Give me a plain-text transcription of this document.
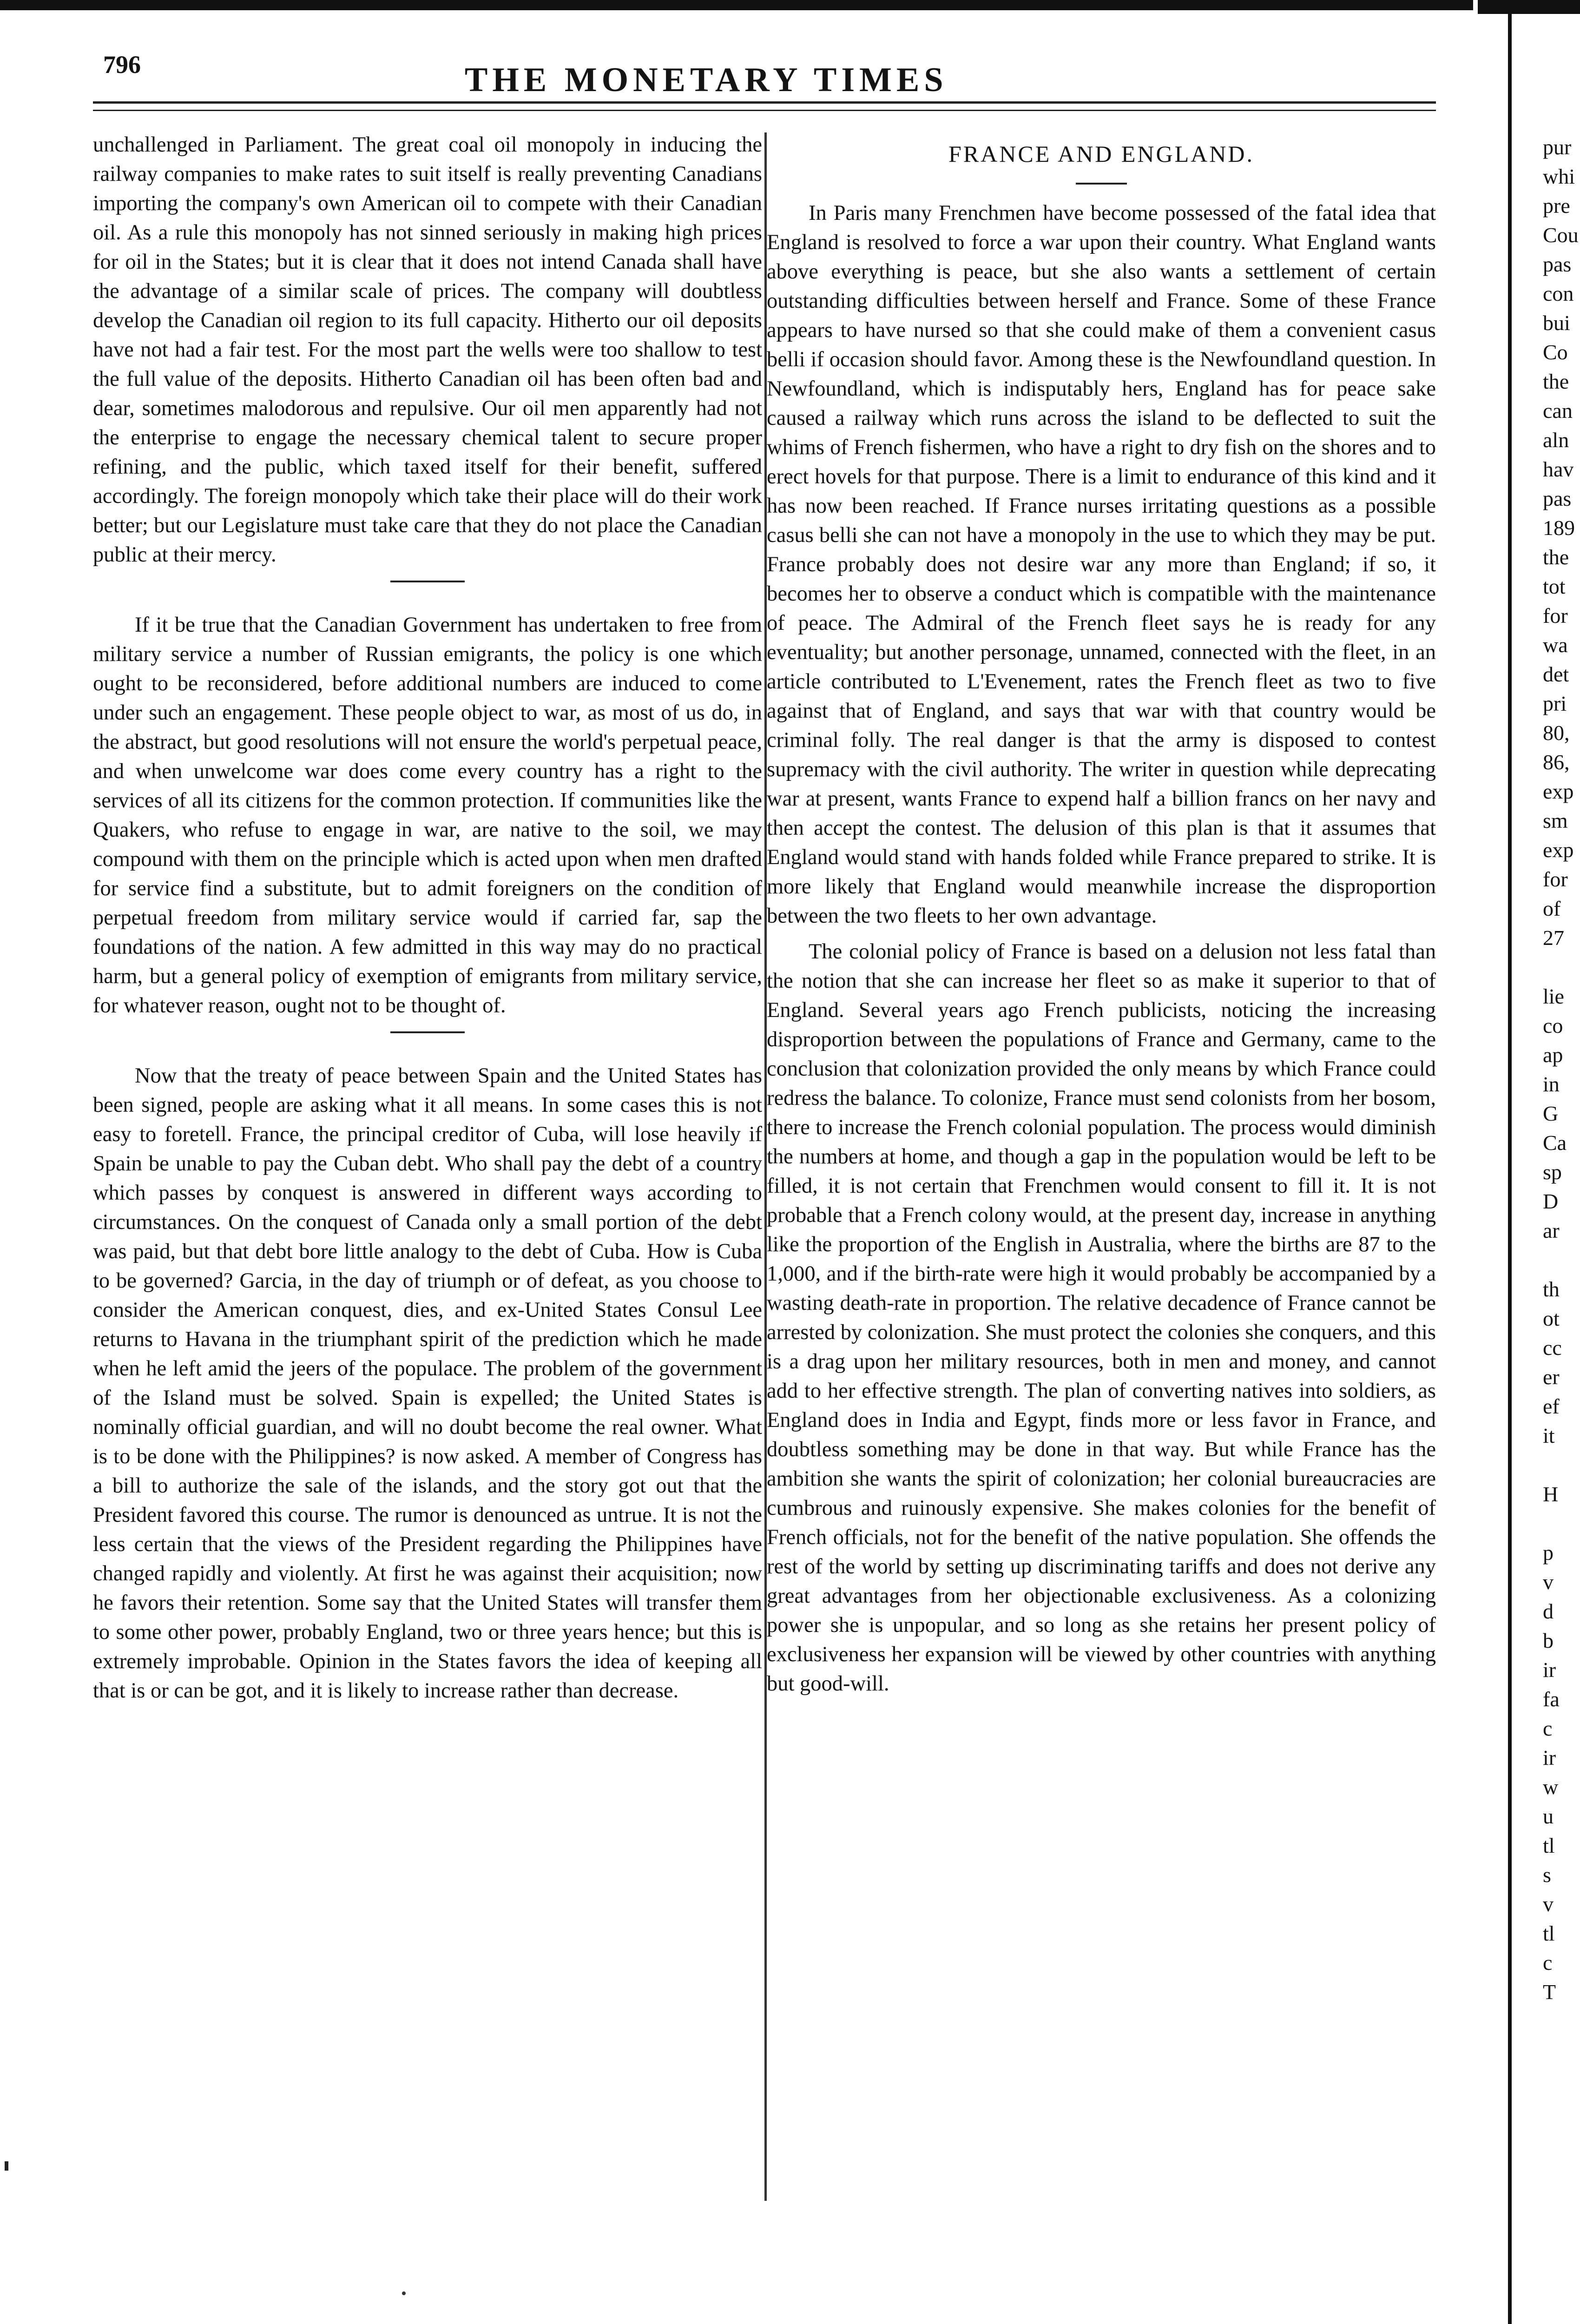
796	THE MONETARY TIMES

unchallenged in Parliament. The great coal oil monopoly in inducing the railway companies to make rates to suit itself is really preventing Canadians importing the company's own American oil to compete with their Canadian oil. As a rule this monopoly has not sinned seriously in making high prices for oil in the States; but it is clear that it does not intend Canada shall have the advantage of a similar scale of prices. The company will doubtless develop the Canadian oil region to its full capacity. Hitherto our oil deposits have not had a fair test. For the most part the wells were too shallow to test the full value of the deposits. Hitherto Canadian oil has been often bad and dear, sometimes malodorous and repulsive. Our oil men apparently had not the enterprise to engage the necessary chemical talent to secure proper refining, and the public, which taxed itself for their benefit, suffered accordingly. The foreign monopoly which take their place will do their work better; but our Legislature must take care that they do not place the Canadian public at their mercy.

If it be true that the Canadian Government has undertaken to free from military service a number of Russian emigrants, the policy is one which ought to be reconsidered, before additional numbers are induced to come under such an engagement. These people object to war, as most of us do, in the abstract, but good resolutions will not ensure the world's perpetual peace, and when unwelcome war does come every country has a right to the services of all its citizens for the common protection. If communities like the Quakers, who refuse to engage in war, are native to the soil, we may compound with them on the principle which is acted upon when men drafted for service find a substitute, but to admit foreigners on the condition of perpetual freedom from military service would if carried far, sap the foundations of the nation. A few admitted in this way may do no practical harm, but a general policy of exemption of emigrants from military service, for whatever reason, ought not to be thought of.

Now that the treaty of peace between Spain and the United States has been signed, people are asking what it all means. In some cases this is not easy to foretell. France, the principal creditor of Cuba, will lose heavily if Spain be unable to pay the Cuban debt. Who shall pay the debt of a country which passes by conquest is answered in different ways according to circumstances. On the conquest of Canada only a small portion of the debt was paid, but that debt bore little analogy to the debt of Cuba. How is Cuba to be governed? Garcia, in the day of triumph or of defeat, as you choose to consider the American conquest, dies, and ex-United States Consul Lee returns to Havana in the triumphant spirit of the prediction which he made when he left amid the jeers of the populace. The problem of the government of the Island must be solved. Spain is expelled; the United States is nominally official guardian, and will no doubt become the real owner. What is to be done with the Philippines? is now asked. A member of Congress has a bill to authorize the sale of the islands, and the story got out that the President favored this course. The rumor is denounced as untrue. It is not the less certain that the views of the President regarding the Philippines have changed rapidly and violently. At first he was against their acquisition; now he favors their retention. Some say that the United States will transfer them to some other power, probably England, two or three years hence; but this is extremely improbable. Opinion in the States favors the idea of keeping all that is or can be got, and it is likely to increase rather than decrease.

FRANCE AND ENGLAND.

In Paris many Frenchmen have become possessed of the fatal idea that England is resolved to force a war upon their country. What England wants above everything is peace, but she also wants a settlement of certain outstanding difficulties between herself and France. Some of these France appears to have nursed so that she could make of them a convenient casus belli if occasion should favor. Among these is the Newfoundland question. In Newfoundland, which is indisputably hers, England has for peace sake caused a railway which runs across the island to be deflected to suit the whims of French fishermen, who have a right to dry fish on the shores and to erect hovels for that purpose. There is a limit to endurance of this kind and it has now been reached. If France nurses irritating questions as a possible casus belli she can not have a monopoly in the use to which they may be put. France probably does not desire war any more than England; if so, it becomes her to observe a conduct which is compatible with the maintenance of peace. The Admiral of the French fleet says he is ready for any eventuality; but another personage, unnamed, connected with the fleet, in an article contributed to L'Evenement, rates the French fleet as two to five against that of England, and says that war with that country would be criminal folly. The real danger is that the army is disposed to contest supremacy with the civil authority. The writer in question while deprecating war at present, wants France to expend half a billion francs on her navy and then accept the contest. The delusion of this plan is that it assumes that England would stand with hands folded while France prepared to strike. It is more likely that England would meanwhile increase the disproportion between the two fleets to her own advantage.

The colonial policy of France is based on a delusion not less fatal than the notion that she can increase her fleet so as make it superior to that of England. Several years ago French publicists, noticing the increasing disproportion between the populations of France and Germany, came to the conclusion that colonization provided the only means by which France could redress the balance. To colonize, France must send colonists from her bosom, there to increase the French colonial population. The process would diminish the numbers at home, and though a gap in the population would be left to be filled, it is not certain that Frenchmen would consent to fill it. It is not probable that a French colony would, at the present day, increase in anything like the proportion of the English in Australia, where the births are 87 to the 1,000, and if the birth-rate were high it would probably be accompanied by a wasting death-rate in proportion. The relative decadence of France cannot be arrested by colonization. She must protect the colonies she conquers, and this is a drag upon her military resources, both in men and money, and cannot add to her effective strength. The plan of converting natives into soldiers, as England does in India and Egypt, finds more or less favor in France, and doubtless something may be done in that way. But while France has the ambition she wants the spirit of colonization; her colonial bureaucracies are cumbrous and ruinously expensive. She makes colonies for the benefit of French officials, not for the benefit of the native population. She offends the rest of the world by setting up discriminating tariffs and does not derive any great advantages from her objectionable exclusiveness. As a colonizing power she is unpopular, and so long as she retains her present policy of exclusiveness her expansion will be viewed by other countries with anything but good-will.

pur
whi
pre
Cou
pas
con
bui
Co
the
can
aln
hav
pas
189
the
tot
for
wa
det
pri
80,
86,
exp
sm
exp
for
of
27
lie
co
ap
in
G
Ca
sp
D
ar
th
ot
cc
er
ef
it
H
p
v
d
b
ir
fa
c
ir
w
u
tl
s
v
tl
c
T
